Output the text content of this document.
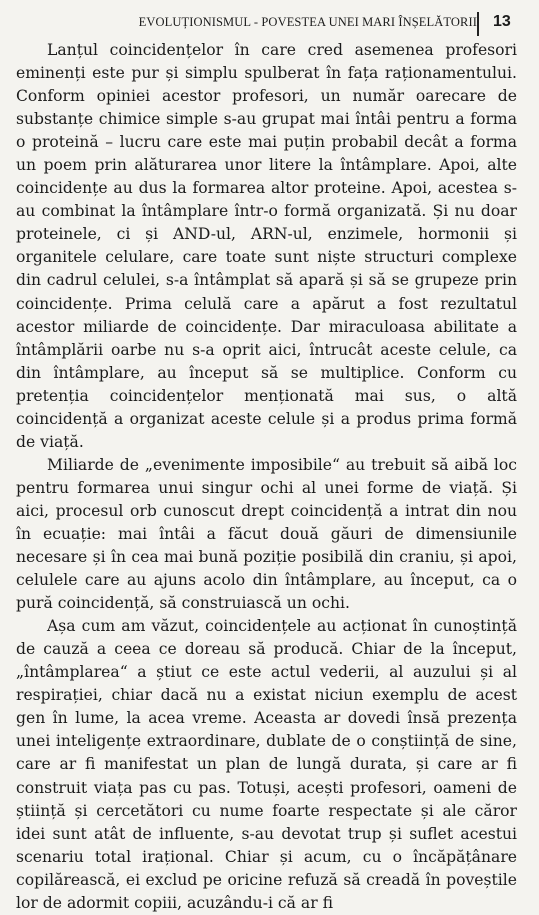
EVOLUȚIONISMUL - POVESTEA UNEI MARI ÎNȘELĂTORII 13

Lanțul coincidențelor în care cred asemenea profesori eminenți este pur și simplu spulberat în fața raționamentului. Conform opiniei acestor profesori, un număr oarecare de substanțe chimice simple s-au grupat mai întâi pentru a forma o proteină – lucru care este mai puțin probabil decât a forma un poem prin alăturarea unor litere la întâmplare. Apoi, alte coincidențe au dus la formarea altor proteine. Apoi, acestea s-au combinat la întâmplare într-o formă organizată. Și nu doar proteinele, ci și AND-ul, ARN-ul, enzimele, hormonii și organitele celulare, care toate sunt niște structuri complexe din cadrul celulei, s-a întâmplat să apară și să se grupeze prin coincidențe. Prima celulă care a apărut a fost rezultatul acestor miliarde de coincidențe. Dar miraculoasa abilitate a întâmplării oarbe nu s-a oprit aici, întrucât aceste celule, ca din întâmplare, au început să se multiplice. Conform cu pretenția coincidențelor menționată mai sus, o altă coincidență a organizat aceste celule și a produs prima formă de viață.

Miliarde de „evenimente imposibile“ au trebuit să aibă loc pentru formarea unui singur ochi al unei forme de viață. Și aici, procesul orb cunoscut drept coincidență a intrat din nou în ecuație: mai întâi a făcut două găuri de dimensiunile necesare și în cea mai bună poziție posibilă din craniu, și apoi, celulele care au ajuns acolo din întâmplare, au început, ca o pură coincidență, să construiască un ochi.

Așa cum am văzut, coincidențele au acționat în cunoștință de cauză a ceea ce doreau să producă. Chiar de la început, „întâmplarea“ a știut ce este actul vederii, al auzului și al respirației, chiar dacă nu a existat niciun exemplu de acest gen în lume, la acea vreme. Aceasta ar dovedi însă prezența unei inteligențe extraordinare, dublate de o conștiință de sine, care ar fi manifestat un plan de lungă durata, și care ar fi construit viața pas cu pas. Totuși, acești profesori, oameni de știință și cercetători cu nume foarte respectate și ale căror idei sunt atât de influente, s-au devotat trup și suflet acestui scenariu total irațional. Chiar și acum, cu o încăpățânare copilărească, ei exclud pe oricine refuză să creadă în poveștile lor de adormit copiii, acuzându-i că ar fi
